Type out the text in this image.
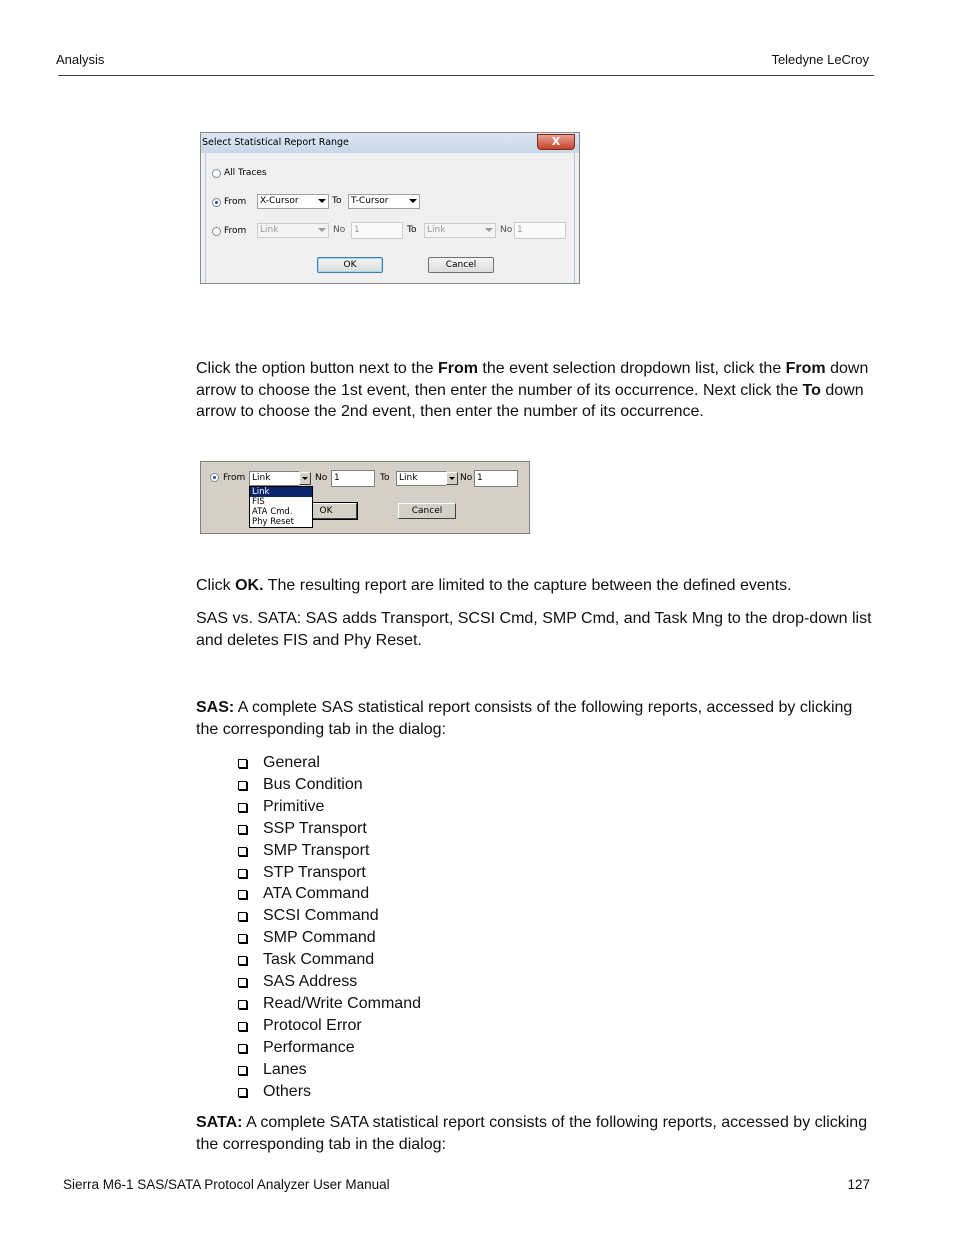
Analysis	Teledyne LeCroy
Select Statistical Report Range	X
All Traces
From	X-Cursor	To	T-Cursor
From	Link	No 1	To	Link	No 1
OK	Cancel
Click the option button next to the From the event selection dropdown list, click the From down arrow to choose the 1st event, then enter the number of its occurrence. Next click the To down arrow to choose the 2nd event, then enter the number of its occurrence.
From Link	No 1	To	Link	No 1
OK	Cancel
Link
FIS
ATA Cmd.
Phy Reset
Click OK. The resulting report are limited to the capture between the defined events.
SAS vs. SATA: SAS adds Transport, SCSI Cmd, SMP Cmd, and Task Mng to the drop-down list and deletes FIS and Phy Reset.
SAS: A complete SAS statistical report consists of the following reports, accessed by clicking the corresponding tab in the dialog:
General
Bus Condition
Primitive
SSP Transport
SMP Transport
STP Transport
ATA Command
SCSI Command
SMP Command
Task Command
SAS Address
Read/Write Command
Protocol Error
Performance
Lanes
Others
SATA: A complete SATA statistical report consists of the following reports, accessed by clicking the corresponding tab in the dialog:
Sierra M6-1 SAS/SATA Protocol Analyzer User Manual	127
